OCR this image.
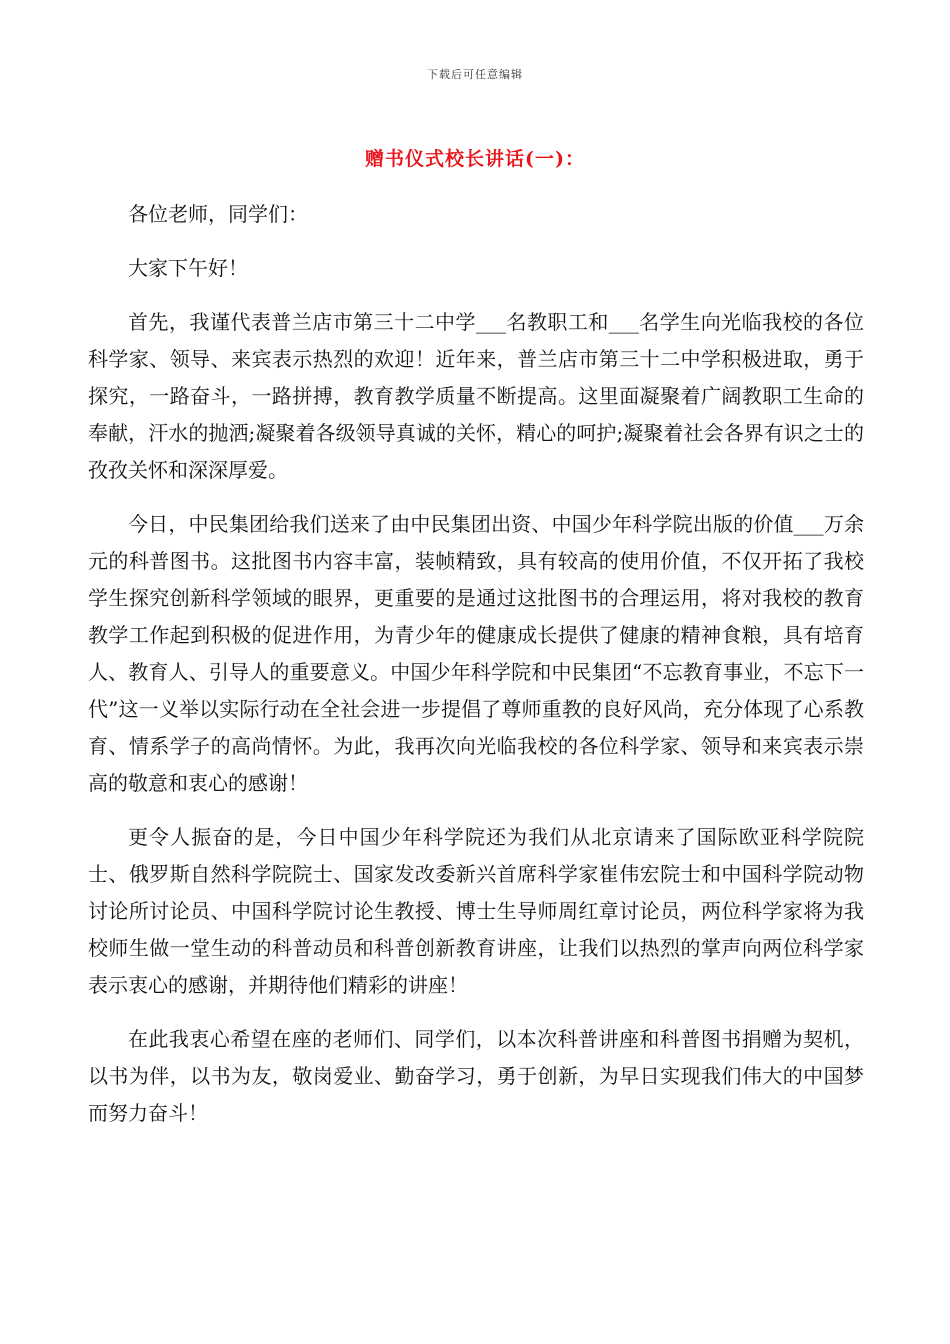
下载后可任意编辑
赠书仪式校长讲话(一)：

各位老师，同学们：

大家下午好！

首先，我谨代表普兰店市第三十二中学___名教职工和___名学生向光临我校的各位科学家、领导、来宾表示热烈的欢迎！近年来，普兰店市第三十二中学积极进取，勇于探究，一路奋斗，一路拼搏，教育教学质量不断提高。这里面凝聚着广阔教职工生命的奉献，汗水的抛洒;凝聚着各级领导真诚的关怀，精心的呵护;凝聚着社会各界有识之士的孜孜关怀和深深厚爱。

今日，中民集团给我们送来了由中民集团出资、中国少年科学院出版的价值___万余元的科普图书。这批图书内容丰富，装帧精致，具有较高的使用价值，不仅开拓了我校学生探究创新科学领域的眼界，更重要的是通过这批图书的合理运用，将对我校的教育教学工作起到积极的促进作用，为青少年的健康成长提供了健康的精神食粮，具有培育人、教育人、引导人的重要意义。中国少年科学院和中民集团“不忘教育事业，不忘下一代”这一义举以实际行动在全社会进一步提倡了尊师重教的良好风尚，充分体现了心系教育、情系学子的高尚情怀。为此，我再次向光临我校的各位科学家、领导和来宾表示崇高的敬意和衷心的感谢！

更令人振奋的是，今日中国少年科学院还为我们从北京请来了国际欧亚科学院院士、俄罗斯自然科学院院士、国家发改委新兴首席科学家崔伟宏院士和中国科学院动物讨论所讨论员、中国科学院讨论生教授、博士生导师周红章讨论员，两位科学家将为我校师生做一堂生动的科普动员和科普创新教育讲座，让我们以热烈的掌声向两位科学家表示衷心的感谢，并期待他们精彩的讲座！

在此我衷心希望在座的老师们、同学们，以本次科普讲座和科普图书捐赠为契机，以书为伴，以书为友，敬岗爱业、勤奋学习，勇于创新，为早日实现我们伟大的中国梦而努力奋斗！
